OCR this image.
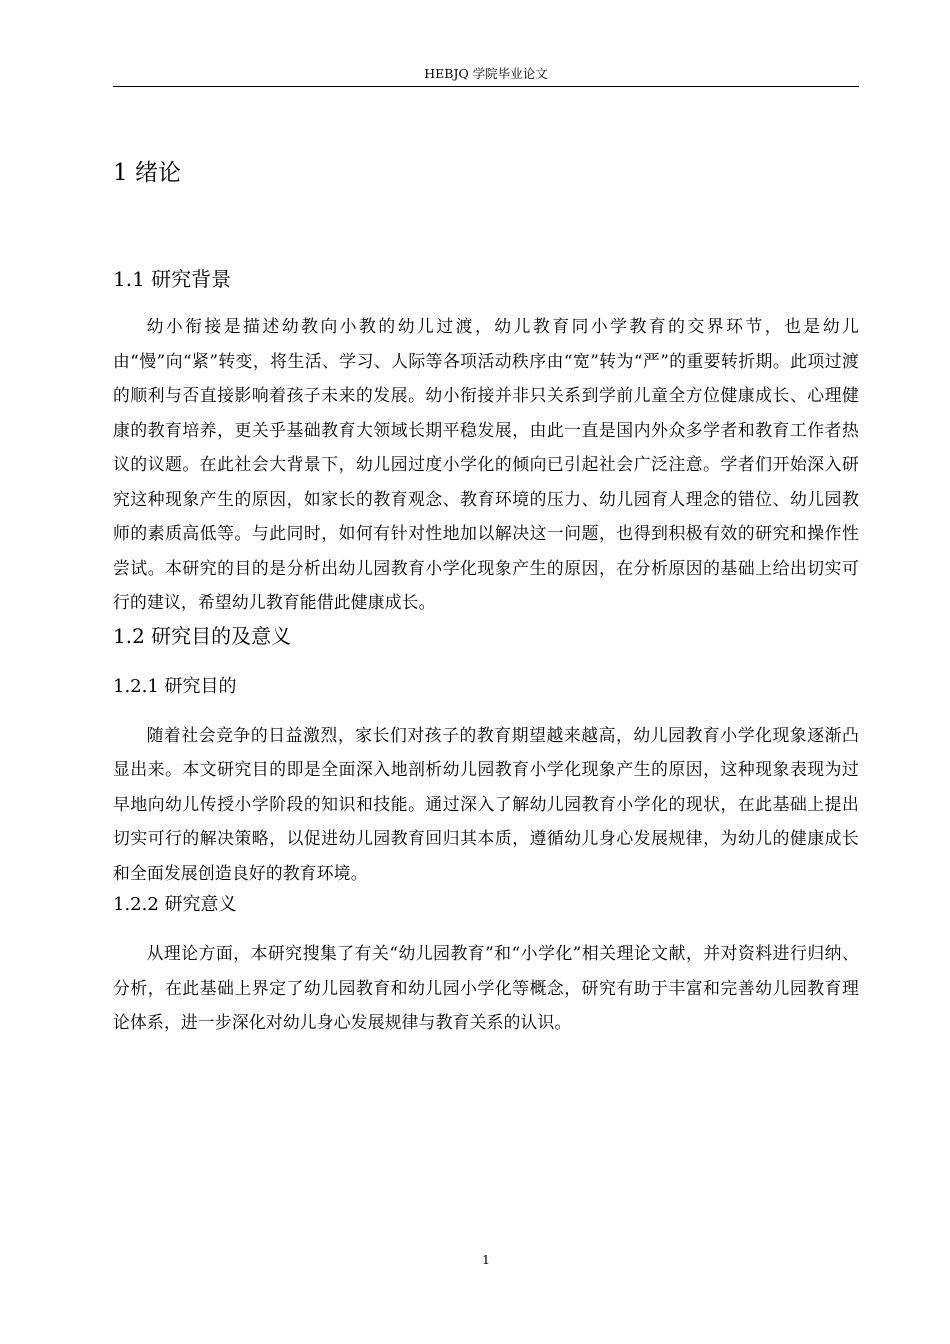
HEBJQ 学院毕业论文
1 绪论
1.1 研究背景

幼小衔接是描述幼教向小教的幼儿过渡，幼儿教育同小学教育的交界环节，也是幼儿由“慢”向“紧”转变，将生活、学习、人际等各项活动秩序由“宽”转为“严”的重要转折期。此项过渡的顺利与否直接影响着孩子未来的发展。幼小衔接并非只关系到学前儿童全方位健康成长、心理健康的教育培养，更关乎基础教育大领域长期平稳发展，由此一直是国内外众多学者和教育工作者热议的议题。在此社会大背景下，幼儿园过度小学化的倾向已引起社会广泛注意。学者们开始深入研究这种现象产生的原因，如家长的教育观念、教育环境的压力、幼儿园育人理念的错位、幼儿园教师的素质高低等。与此同时，如何有针对性地加以解决这一问题，也得到积极有效的研究和操作性尝试。本研究的目的是分析出幼儿园教育小学化现象产生的原因，在分析原因的基础上给出切实可行的建议，希望幼儿教育能借此健康成长。

1.2 研究目的及意义
1.2.1 研究目的

随着社会竞争的日益激烈，家长们对孩子的教育期望越来越高，幼儿园教育小学化现象逐渐凸显出来。本文研究目的即是全面深入地剖析幼儿园教育小学化现象产生的原因，这种现象表现为过早地向幼儿传授小学阶段的知识和技能。通过深入了解幼儿园教育小学化的现状，在此基础上提出切实可行的解决策略，以促进幼儿园教育回归其本质，遵循幼儿身心发展规律，为幼儿的健康成长和全面发展创造良好的教育环境。

1.2.2 研究意义

从理论方面，本研究搜集了有关“幼儿园教育”和“小学化”相关理论文献，并对资料进行归纳、分析，在此基础上界定了幼儿园教育和幼儿园小学化等概念，研究有助于丰富和完善幼儿园教育理论体系，进一步深化对幼儿身心发展规律与教育关系的认识。

1
